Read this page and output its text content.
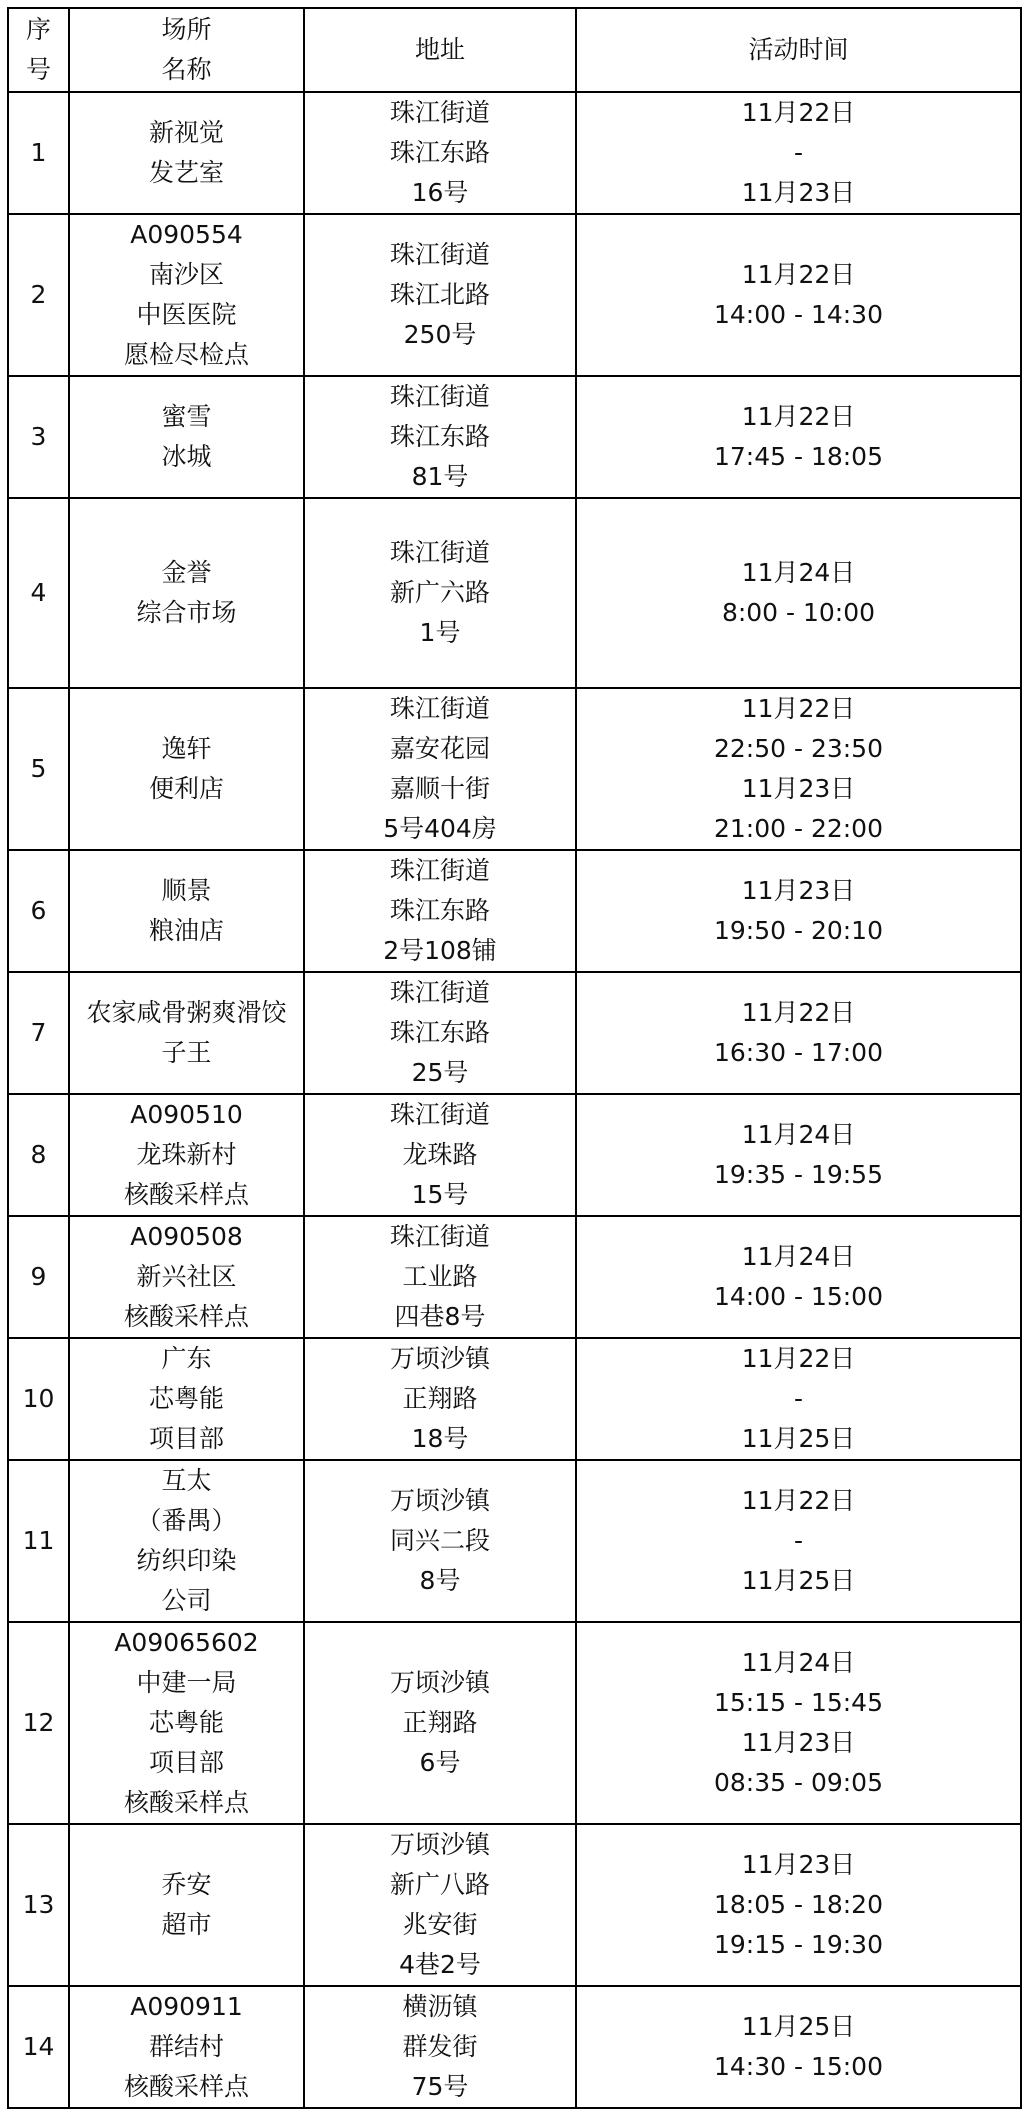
序
号	场所
名称	地址	活动时间

1	新视觉
发艺室	珠江街道
珠江东路
16号	11月22日
-
11月23日

2	A090554
南沙区
中医医院
愿检尽检点	珠江街道
珠江北路
250号	11月22日
14:00 - 14:30

3	蜜雪
冰城	珠江街道
珠江东路
81号	11月22日
17:45 - 18:05

4	金誉
综合市场	珠江街道
新广六路
1号	11月24日
8:00 - 10:00

5	逸轩
便利店	珠江街道
嘉安花园
嘉顺十街
5号404房	11月22日
22:50 - 23:50
11月23日
21:00 - 22:00

6	顺景
粮油店	珠江街道
珠江东路
2号108铺	11月23日
19:50 - 20:10

7	农家咸骨粥爽滑饺
子王	珠江街道
珠江东路
25号	11月22日
16:30 - 17:00

8	A090510
龙珠新村
核酸采样点	珠江街道
龙珠路
15号	11月24日
19:35 - 19:55

9	A090508
新兴社区
核酸采样点	珠江街道
工业路
四巷8号	11月24日
14:00 - 15:00

10	广东
芯粤能
项目部	万顷沙镇
正翔路
18号	11月22日
-
11月25日

11	互太
（番禺）
纺织印染
公司	万顷沙镇
同兴二段
8号	11月22日
-
11月25日

12	A09065602
中建一局
芯粤能
项目部
核酸采样点	万顷沙镇
正翔路
6号	11月24日
15:15 - 15:45
11月23日
08:35 - 09:05

13	乔安
超市	万顷沙镇
新广八路
兆安街
4巷2号	11月23日
18:05 - 18:20
19:15 - 19:30

14	A090911
群结村
核酸采样点	横沥镇
群发街
75号	11月25日
14:30 - 15:00
